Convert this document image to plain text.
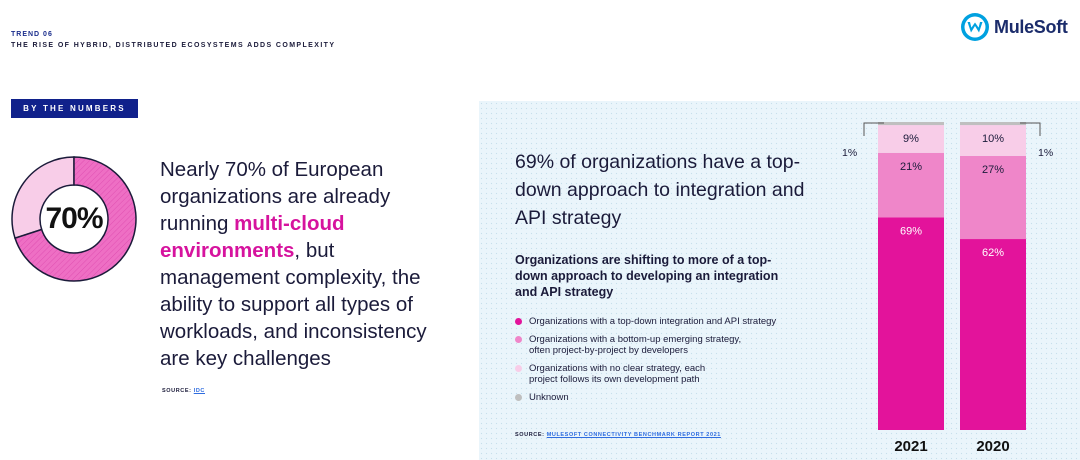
TREND 06
THE RISE OF HYBRID, DISTRIBUTED ECOSYSTEMS ADDS COMPLEXITY
MuleSoft
BY THE NUMBERS
70%
Nearly 70% of European organizations are already running multi-cloud environments, but management complexity, the ability to support all types of workloads, and inconsistency are key challenges
SOURCE: IDC
69% of organizations have a top-down approach to integration and API strategy
Organizations are shifting to more of a top-down approach to developing an integration and API strategy
Organizations with a top-down integration and API strategy
Organizations with a bottom-up emerging strategy,
often project-by-project by developers
Organizations with no clear strategy, each
project follows its own development path
Unknown
SOURCE: MULESOFT CONNECTIVITY BENCHMARK REPORT 2021
69%
21%
9%
2021
62%
27%
10%
2020
1%	1%
